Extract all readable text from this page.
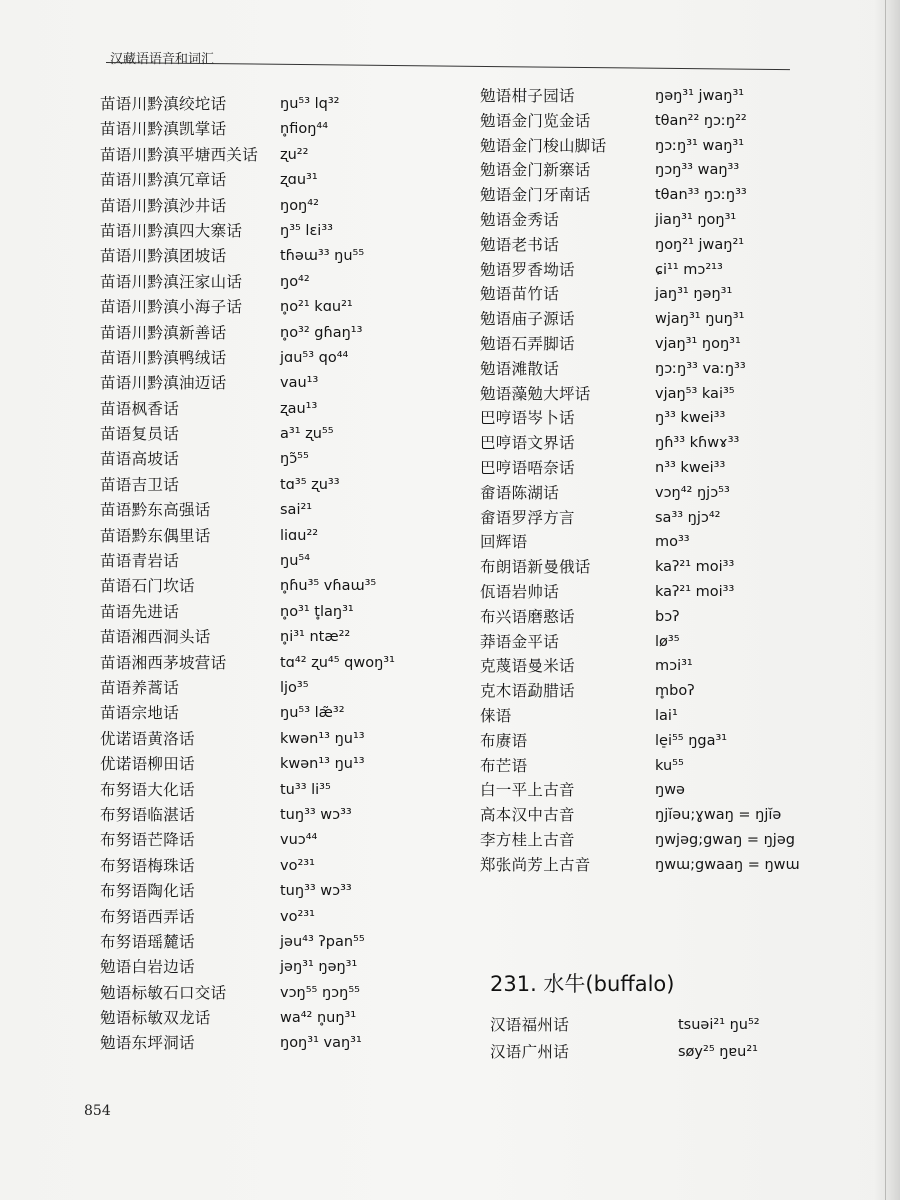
汉藏语语音和词汇
苗语川黔滇绞坨话	ŋu⁵³ lq³²
苗语川黔滇凯掌话	n̥fioŋ⁴⁴
苗语川黔滇平塘西关话 ʐu²²
苗语川黔滇冗章话	ʐɑu³¹
苗语川黔滇沙井话	ŋoŋ⁴²
苗语川黔滇四大寨话	ŋ³⁵ lɛi³³
苗语川黔滇团坡话	tɦəɯ³³ ŋu⁵⁵
苗语川黔滇汪家山话	ŋo⁴²
苗语川黔滇小海子话	n̥o²¹ kɑu²¹
苗语川黔滇新善话	n̥o³² gɦaŋ¹³
苗语川黔滇鸭绒话	jɑu⁵³ qo⁴⁴
苗语川黔滇油迈话	vau¹³
苗语枫香话	ʐau¹³
苗语复员话	a³¹ ʐu⁵⁵
苗语高坡话	ŋɔ̃⁵⁵
苗语吉卫话	tɑ³⁵ ʐu³³
苗语黔东高强话	sai²¹
苗语黔东偶里话	liɑu²²
苗语青岩话	ŋu⁵⁴
苗语石门坎话	n̥ɦu³⁵ vɦaɯ³⁵
苗语先进话	n̥o³¹ t̥laŋ³¹
苗语湘西洞头话	n̥i³¹ ntæ²²
苗语湘西茅坡营话	tɑ⁴² ʐu⁴⁵ qwoŋ³¹
苗语养蒿话	ljo³⁵
苗语宗地话	ŋu⁵³ læ̃³²
优诺语黄洛话	kwən¹³ ŋu¹³
优诺语柳田话	kwən¹³ ŋu¹³
布努语大化话	tu³³ li³⁵
布努语临湛话	tuŋ³³ wɔ³³
布努语芒降话	vuɔ⁴⁴
布努语梅珠话	vo²³¹
布努语陶化话	tuŋ³³ wɔ³³
布努语西弄话	vo²³¹
布努语瑶麓话	jəu⁴³ ʔpan⁵⁵
勉语白岩边话	jəŋ³¹ ŋəŋ³¹
勉语标敏石口交话	vɔŋ⁵⁵ ŋɔŋ⁵⁵
勉语标敏双龙话	wa⁴² n̥uŋ³¹
勉语东坪洞话	ŋoŋ³¹ vaŋ³¹
勉语柑子园话	ŋəŋ³¹ jwaŋ³¹
勉语金门览金话	tθan²² ŋɔːŋ²²
勉语金门梭山脚话	ŋɔːŋ³¹ waŋ³¹
勉语金门新寨话	ŋɔŋ³³ waŋ³³
勉语金门牙南话	tθan³³ ŋɔːŋ³³
勉语金秀话	jiaŋ³¹ ŋoŋ³¹
勉语老书话	ŋoŋ²¹ jwaŋ²¹
勉语罗香坳话	ɕi¹¹ mɔ²¹³
勉语苗竹话	jaŋ³¹ ŋəŋ³¹
勉语庙子源话	wjaŋ³¹ ŋuŋ³¹
勉语石弄脚话	vjaŋ³¹ ŋoŋ³¹
勉语滩散话	ŋɔːŋ³³ vaːŋ³³
勉语藻勉大坪话	vjaŋ⁵³ kai³⁵
巴哼语岑卜话	ŋ³³ kwei³³
巴哼语文界话	ŋɦ³³ kɦwɤ³³
巴哼语唔奈话	n³³ kwei³³
畲语陈湖话	vɔŋ⁴² ŋjɔ⁵³
畲语罗浮方言	sa³³ ŋjɔ⁴²
回辉语	mo³³
布朗语新曼俄话	kaʔ²¹ moi³³
佤语岩帅话	kaʔ²¹ moi³³
布兴语磨憨话	bɔʔ
莽语金平话	lø³⁵
克蔑语曼米话	mɔi³¹
克木语勐腊话	m̥boʔ
俫语	lai¹
布赓语	le̠i⁵⁵ ŋga³¹
布芒语	ku⁵⁵
白一平上古音	ŋwə
高本汉中古音	ŋjĭəu;ɣwaŋ = ŋjĭə
李方桂上古音	ŋwjəg;gwaŋ = ŋjəg
郑张尚芳上古音	ŋwɯ;gwaaŋ = ŋwɯ
231. 水牛(buffalo)
汉语福州话	tsuəi²¹ ŋu⁵²
汉语广州话	søy²⁵ ŋɐu²¹
854
